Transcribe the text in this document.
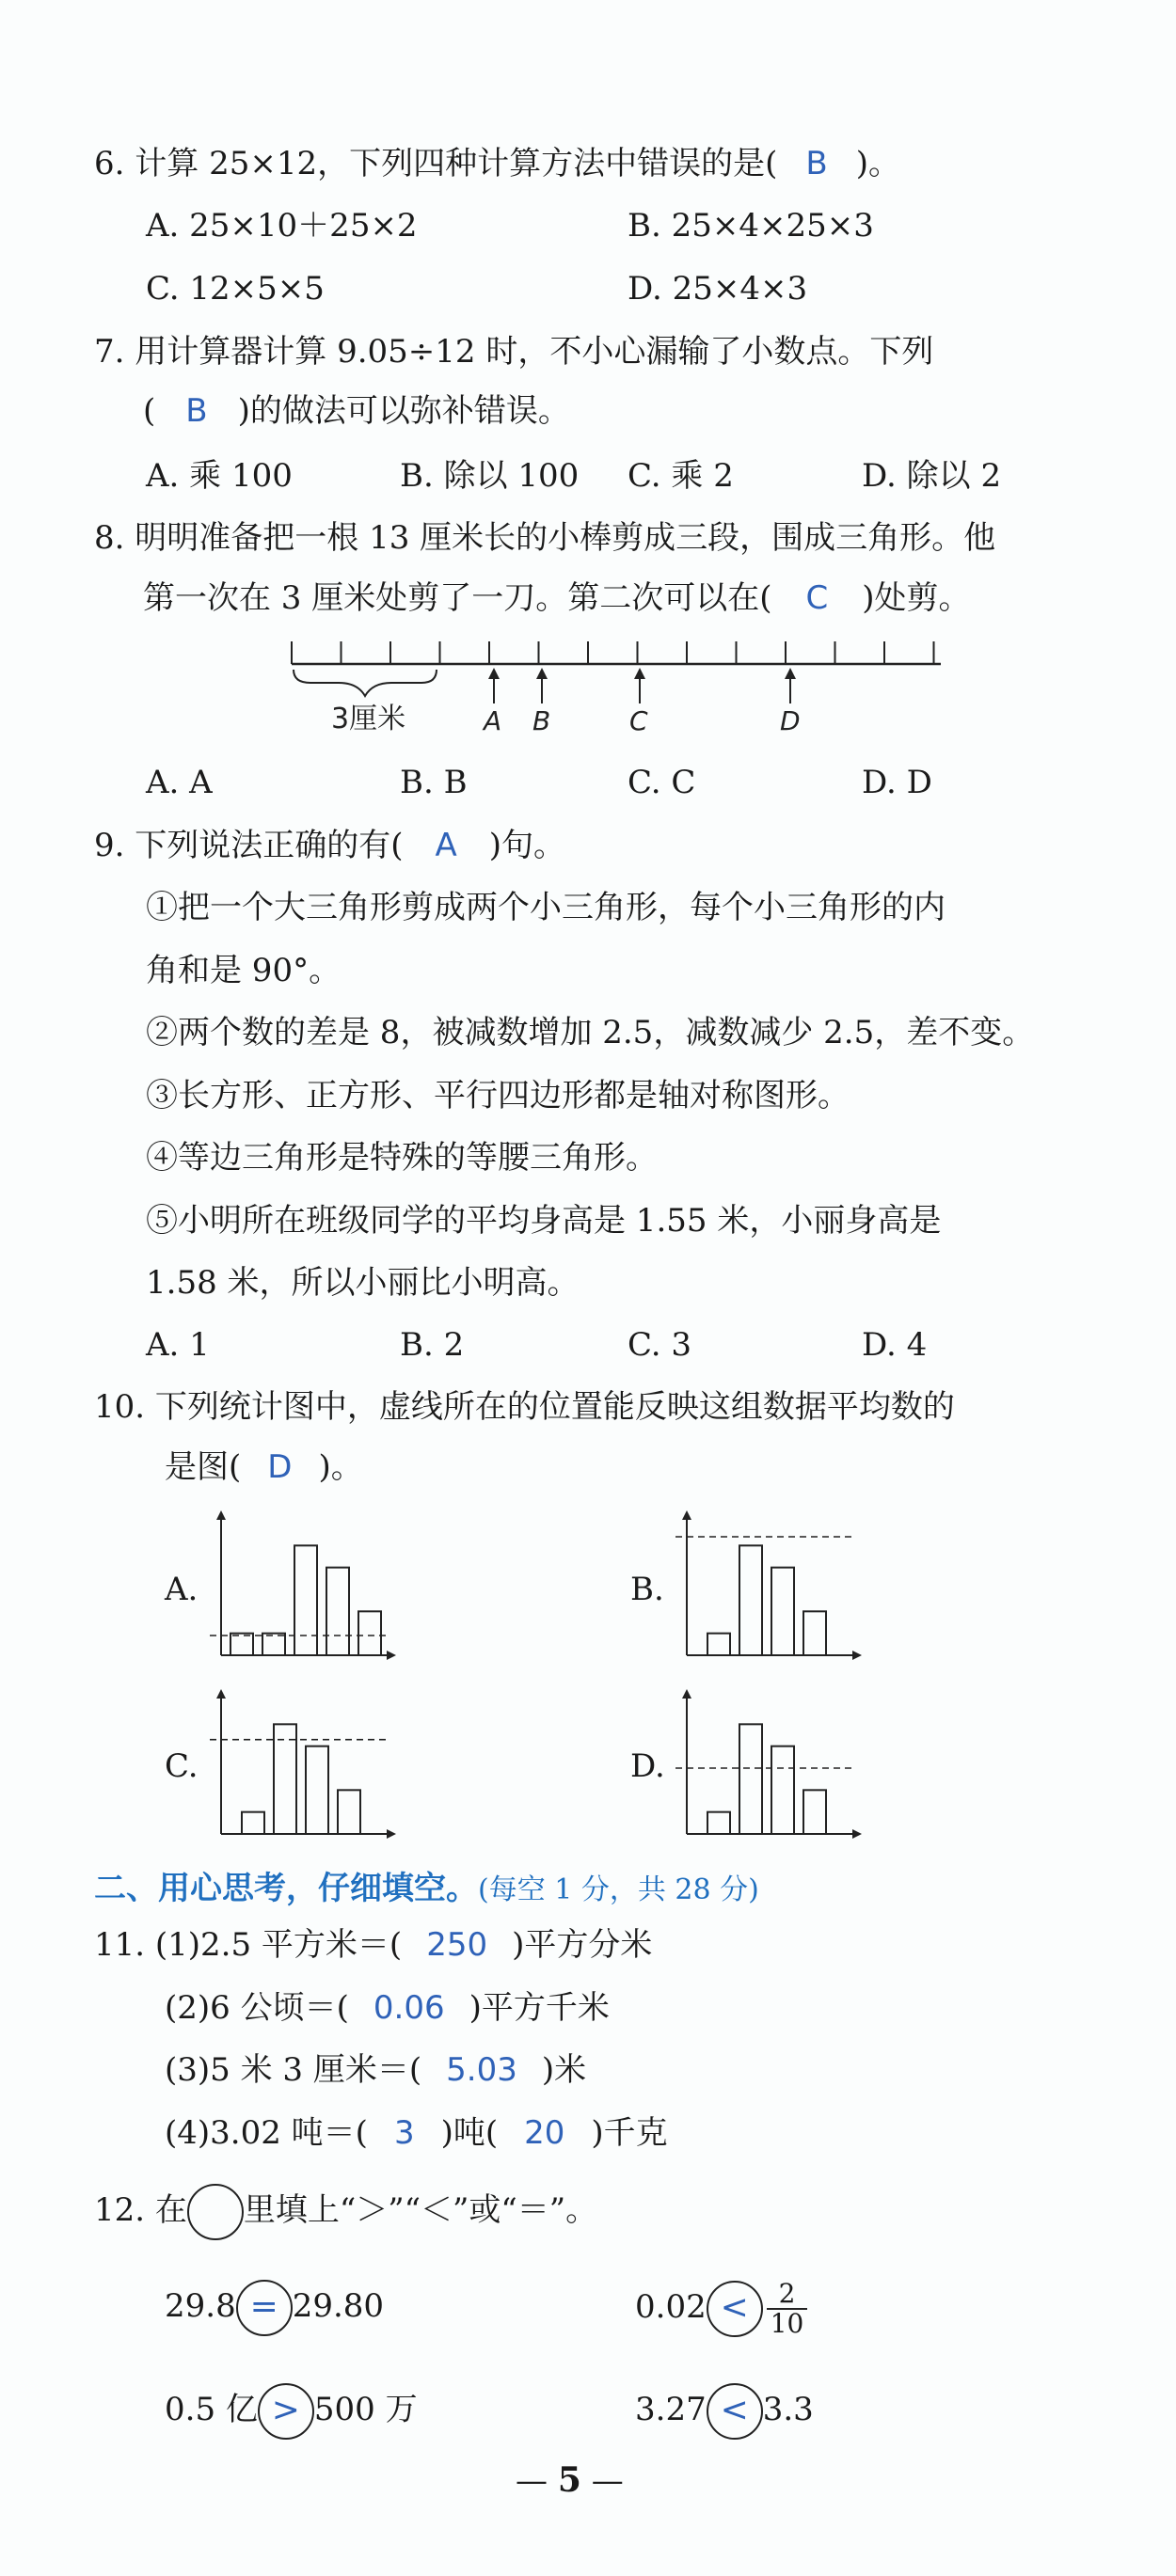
6. 计算 25×12，下列四种计算方法中错误的是( B )。
A. 25×10＋25×2	B. 25×4×25×3
C. 12×5×5	D. 25×4×3
7. 用计算器计算 9.05÷12 时，不小心漏输了小数点。下列
( B )的做法可以弥补错误。
A. 乘 100	B. 除以 100 C. 乘 2	D. 除以 2
8. 明明准备把一根 13 厘米长的小棒剪成三段，围成三角形。他
第一次在 3 厘米处剪了一刀。第二次可以在( C )处剪。
3厘米	A B	C	D
A. A	B. B	C. C	D. D
9. 下列说法正确的有( A )句。
①把一个大三角形剪成两个小三角形，每个小三角形的内
角和是 90°。
②两个数的差是 8，被减数增加 2.5，减数减少 2.5，差不变。
③长方形、正方形、平行四边形都是轴对称图形。
④等边三角形是特殊的等腰三角形。
⑤小明所在班级同学的平均身高是 1.55 米，小丽身高是
1.58 米，所以小丽比小明高。
A. 1	B. 2	C. 3	D. 4
10. 下列统计图中，虚线所在的位置能反映这组数据平均数的
是图( D )。
A.	B.
C.	D.
二、用心思考，仔细填空。(每空 1 分，共 28 分)
11. (1)2.5 平方米＝( 250 )平方分米
(2)6 公顷＝( 0.06 )平方千米
(3)5 米 3 厘米＝( 5.03 )米
(4)3.02 吨＝( 3 )吨( 20 )千克
12. 在 里填上“＞”“＜”或“＝”。
29.8 = 29.80	$0.02 < \frac{2}{10}$
0.5 亿 > 500 万	3.27 < 3.3
— 5 —
